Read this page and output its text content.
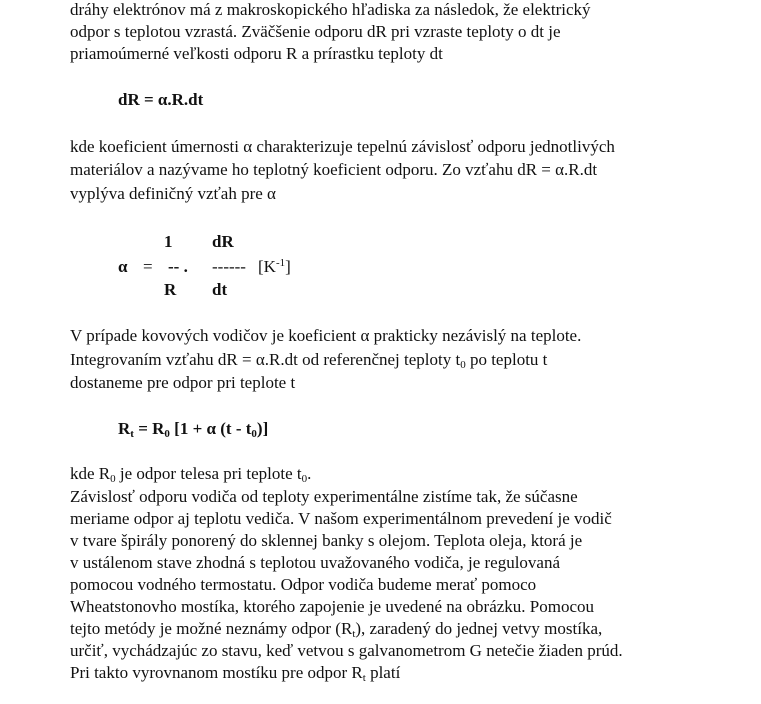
dráhy elektrónov má z makroskopického hľadiska za následok, že elektrický
odpor s teplotou vzrastá. Zväčšenie odporu dR pri vzraste teploty o dt je
priamoúmerné veľkosti odporu R a prírastku teploty dt
dR = α.R.dt
kde koeficient úmernosti α charakterizuje tepelnú závislosť odporu jednotlivých
materiálov a nazývame ho teplotný koeficient odporu. Zo vzťahu dR = α.R.dt
vyplýva definičný vzťah pre α
1 dR
α = -- . ------ $[K^{-1}]$
R dt
V prípade kovových vodičov je koeficient α prakticky nezávislý na teplote.
Integrovaním vzťahu dR = α.R.dt od referenčnej teploty $t_0$ po teplotu t
dostaneme pre odpor pri teplote t
$R_t = R_0$ [1 + α $(t - t_0)$]
kde $R_0$ je odpor telesa pri teplote $t_0$.
Závislosť odporu vodiča od teploty experimentálne zistíme tak, že súčasne
meriame odpor aj teplotu vediča. V našom experimentálnom prevedení je vodič
v tvare špirály ponorený do sklennej banky s olejom. Teplota oleja, ktorá je
v ustálenom stave zhodná s teplotou uvažovaného vodiča, je regulovaná
pomocou vodného termostatu. Odpor vodiča budeme merať pomoco
Wheatstonovho mostíka, ktorého zapojenie je uvedené na obrázku. Pomocou
tejto metódy je možné neznámy odpor $(R_t)$, zaradený do jednej vetvy mostíka,
určiť, vychádzajúc zo stavu, keď vetvou s galvanometrom G netečie žiaden prúd.
Pri takto vyrovnanom mostíku pre odpor $R_t$ platí
